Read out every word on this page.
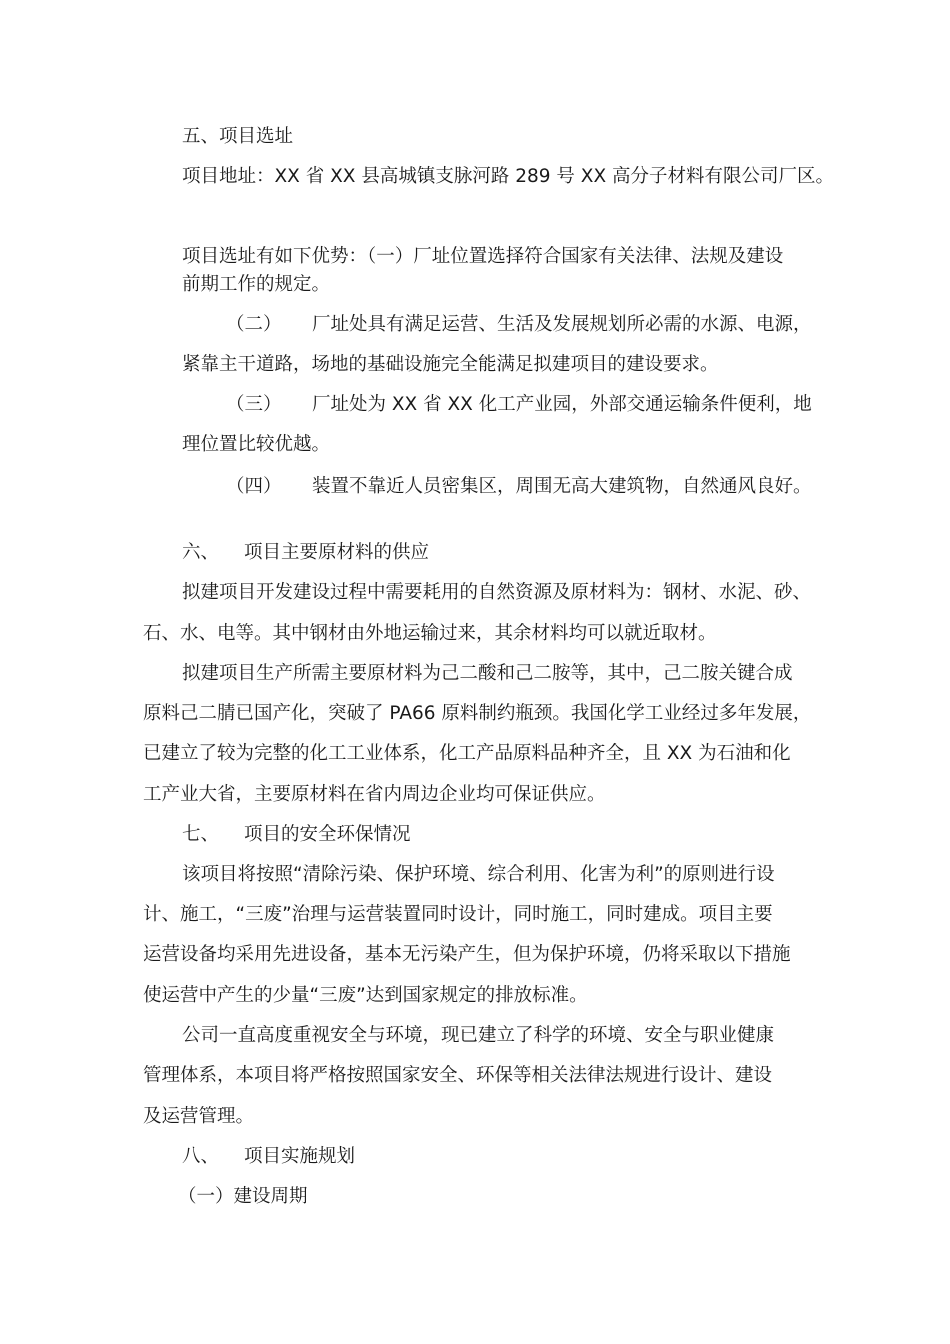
五、项目选址
项目地址：XX 省 XX 县高城镇支脉河路 289 号 XX 高分子材料有限公司厂区。
项目选址有如下优势：（一）厂址位置选择符合国家有关法律、法规及建设
前期工作的规定。
（二） 厂址处具有满足运营、生活及发展规划所必需的水源、电源，
紧靠主干道路，场地的基础设施完全能满足拟建项目的建设要求。
（三） 厂址处为 XX 省 XX 化工产业园，外部交通运输条件便利，地
理位置比较优越。
（四） 装置不靠近人员密集区，周围无高大建筑物，自然通风良好。
六、 项目主要原材料的供应
拟建项目开发建设过程中需要耗用的自然资源及原材料为：钢材、水泥、砂、
石、水、电等。其中钢材由外地运输过来，其余材料均可以就近取材。
拟建项目生产所需主要原材料为己二酸和己二胺等，其中，己二胺关键合成
原料己二腈已国产化，突破了 PA66 原料制约瓶颈。我国化学工业经过多年发展，
已建立了较为完整的化工工业体系，化工产品原料品种齐全，且 XX 为石油和化
工产业大省，主要原材料在省内周边企业均可保证供应。
七、 项目的安全环保情况
该项目将按照“清除污染、保护环境、综合利用、化害为利”的原则进行设
计、施工，“三废”治理与运营装置同时设计，同时施工，同时建成。项目主要
运营设备均采用先进设备，基本无污染产生，但为保护环境，仍将采取以下措施
使运营中产生的少量“三废”达到国家规定的排放标准。
公司一直高度重视安全与环境，现已建立了科学的环境、安全与职业健康
管理体系，本项目将严格按照国家安全、环保等相关法律法规进行设计、建设
及运营管理。
八、 项目实施规划
（一）建设周期
